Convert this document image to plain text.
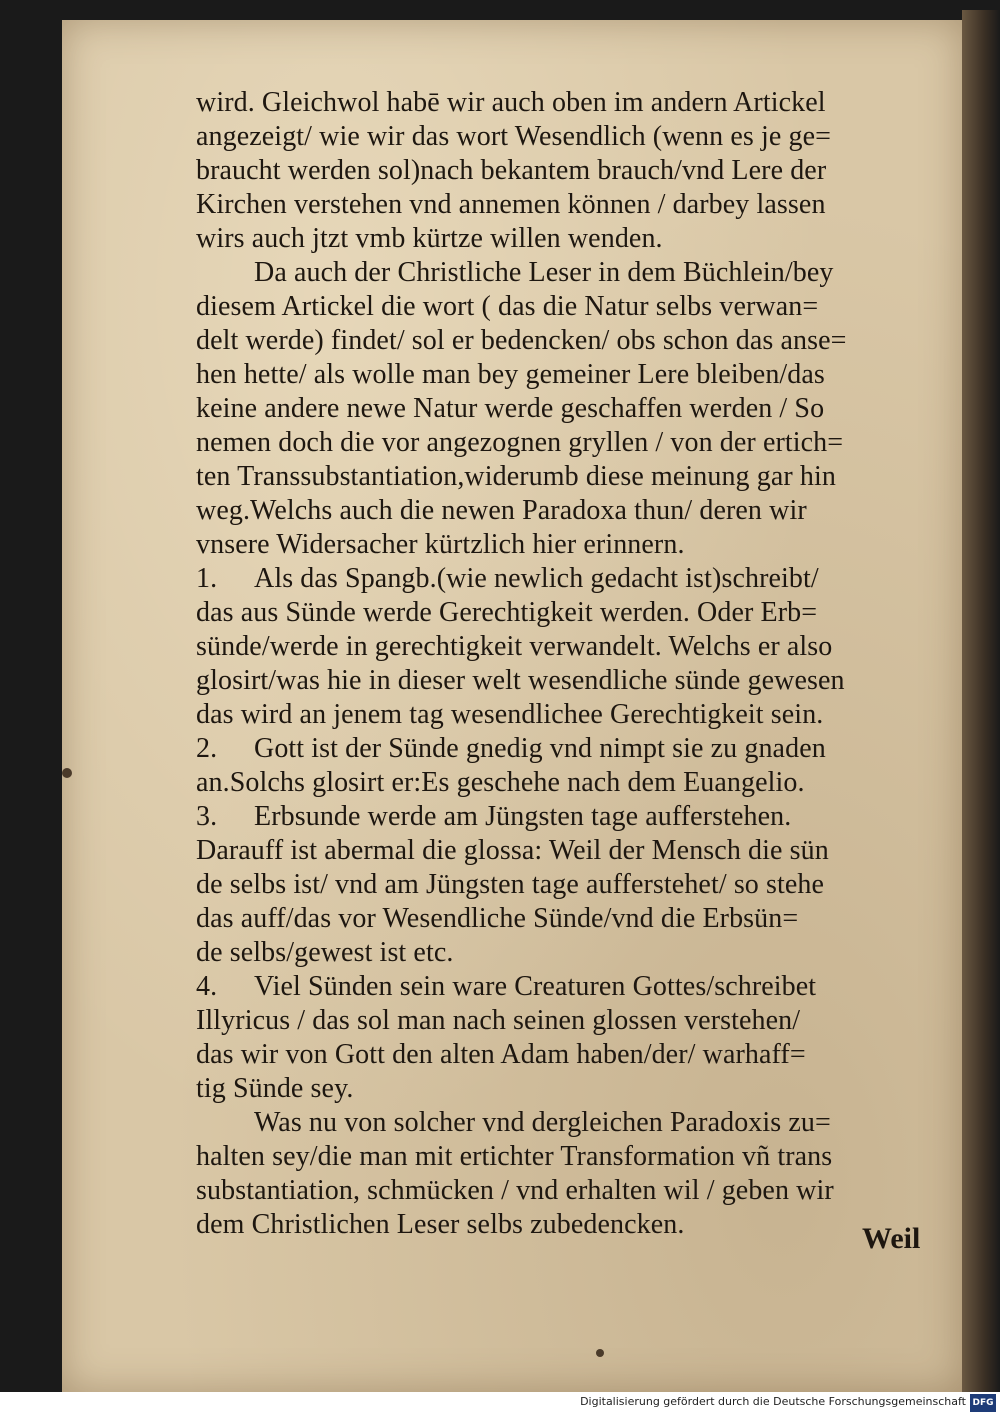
wird. Gleichwol habē wir auch oben im andern Artickel
angezeigt/ wie wir das wort Wesendlich (wenn es je ge=
braucht werden sol)nach bekantem brauch/vnd Lere der
Kirchen verstehen vnd annemen können / darbey lassen
wirs auch jtzt vmb kürtze willen wenden.
Da auch der Christliche Leser in dem Büchlein/bey
diesem Artickel die wort ( das die Natur selbs verwan=
delt werde) findet/ sol er bedencken/ obs schon das anse=
hen hette/ als wolle man bey gemeiner Lere bleiben/das
keine andere newe Natur werde geschaffen werden / So
nemen doch die vor angezognen gryllen / von der ertich=
ten Transsubstantiation,widerumb diese meinung gar hin
weg.Welchs auch die newen Paradoxa thun/ deren wir
vnsere Widersacher kürtzlich hier erinnern.
1. Als das Spangb.(wie newlich gedacht ist)schreibt/
das aus Sünde werde Gerechtigkeit werden. Oder Erb=
sünde/werde in gerechtigkeit verwandelt. Welchs er also
glosirt/was hie in dieser welt wesendliche sünde gewesen
das wird an jenem tag wesendlichee Gerechtigkeit sein.
2. Gott ist der Sünde gnedig vnd nimpt sie zu gnaden
an.Solchs glosirt er:Es geschehe nach dem Euangelio.
3. Erbsunde werde am Jüngsten tage aufferstehen.
Darauff ist abermal die glossa: Weil der Mensch die sün
de selbs ist/ vnd am Jüngsten tage aufferstehet/ so stehe
das auff/das vor Wesendliche Sünde/vnd die Erbsün=
de selbs/gewest ist etc.
4. Viel Sünden sein ware Creaturen Gottes/schreibet
Illyricus / das sol man nach seinen glossen verstehen/
das wir von Gott den alten Adam haben/der/ warhaff=
tig Sünde sey.
Was nu von solcher vnd dergleichen Paradoxis zu=
halten sey/die man mit ertichter Transformation vñ trans
substantiation, schmücken / vnd erhalten wil / geben wir
dem Christlichen Leser selbs zubedencken.	Weil
Digitalisierung gefördert durch die Deutsche Forschungsgemeinschaft DFG
